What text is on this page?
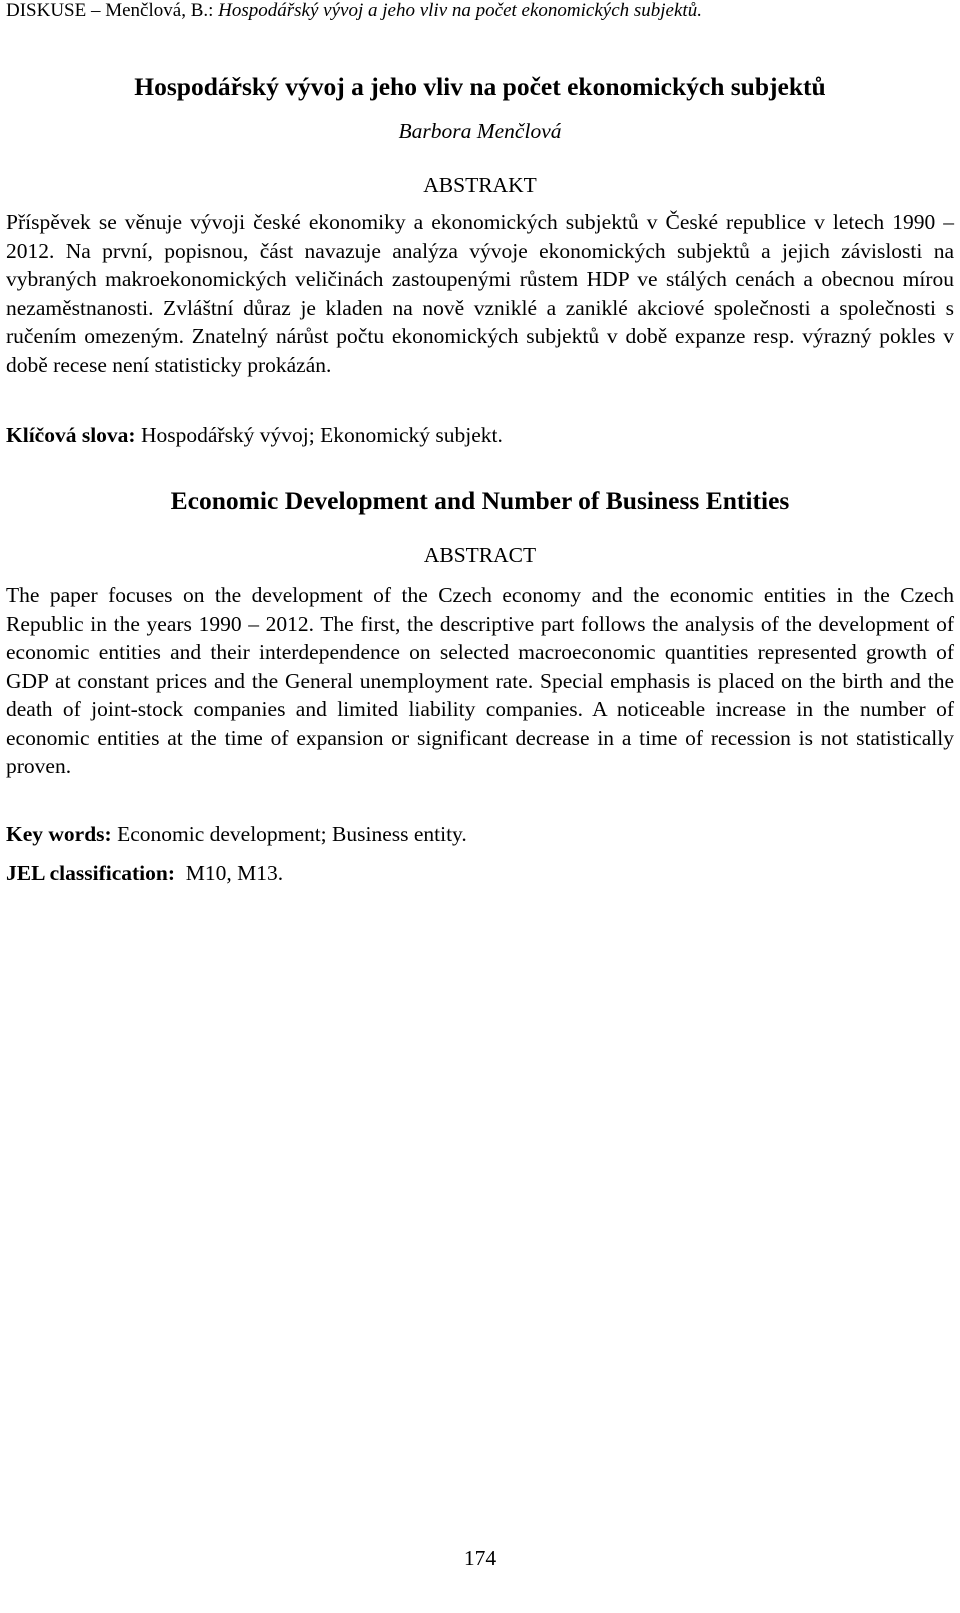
DISKUSE – Menčlová, B.: Hospodářský vývoj a jeho vliv na počet ekonomických subjektů.
Hospodářský vývoj a jeho vliv na počet ekonomických subjektů
Barbora Menčlová
ABSTRAKT

Příspěvek se věnuje vývoji české ekonomiky a ekonomických subjektů v České republice v letech 1990 – 2012. Na první, popisnou, část navazuje analýza vývoje ekonomických subjektů a jejich závislosti na vybraných makroekonomických veličinách zastoupenými růstem HDP ve stálých cenách a obecnou mírou nezaměstnanosti. Zvláštní důraz je kladen na nově vzniklé a zaniklé akciové společnosti a společnosti s ručením omezeným. Znatelný nárůst počtu ekonomických subjektů v době expanze resp. výrazný pokles v době recese není statisticky prokázán.

Klíčová slova: Hospodářský vývoj; Ekonomický subjekt.
Economic Development and Number of Business Entities
ABSTRACT

The paper focuses on the development of the Czech economy and the economic entities in the Czech Republic in the years 1990 – 2012. The first, the descriptive part follows the analysis of the development of economic entities and their interdependence on selected macroeconomic quantities represented growth of GDP at constant prices and the General unemployment rate. Special emphasis is placed on the birth and the death of joint-stock companies and limited liability companies. A noticeable increase in the number of economic entities at the time of expansion or significant decrease in a time of recession is not statistically proven.

Key words: Economic development; Business entity.
JEL classification:  M10, M13.
174
